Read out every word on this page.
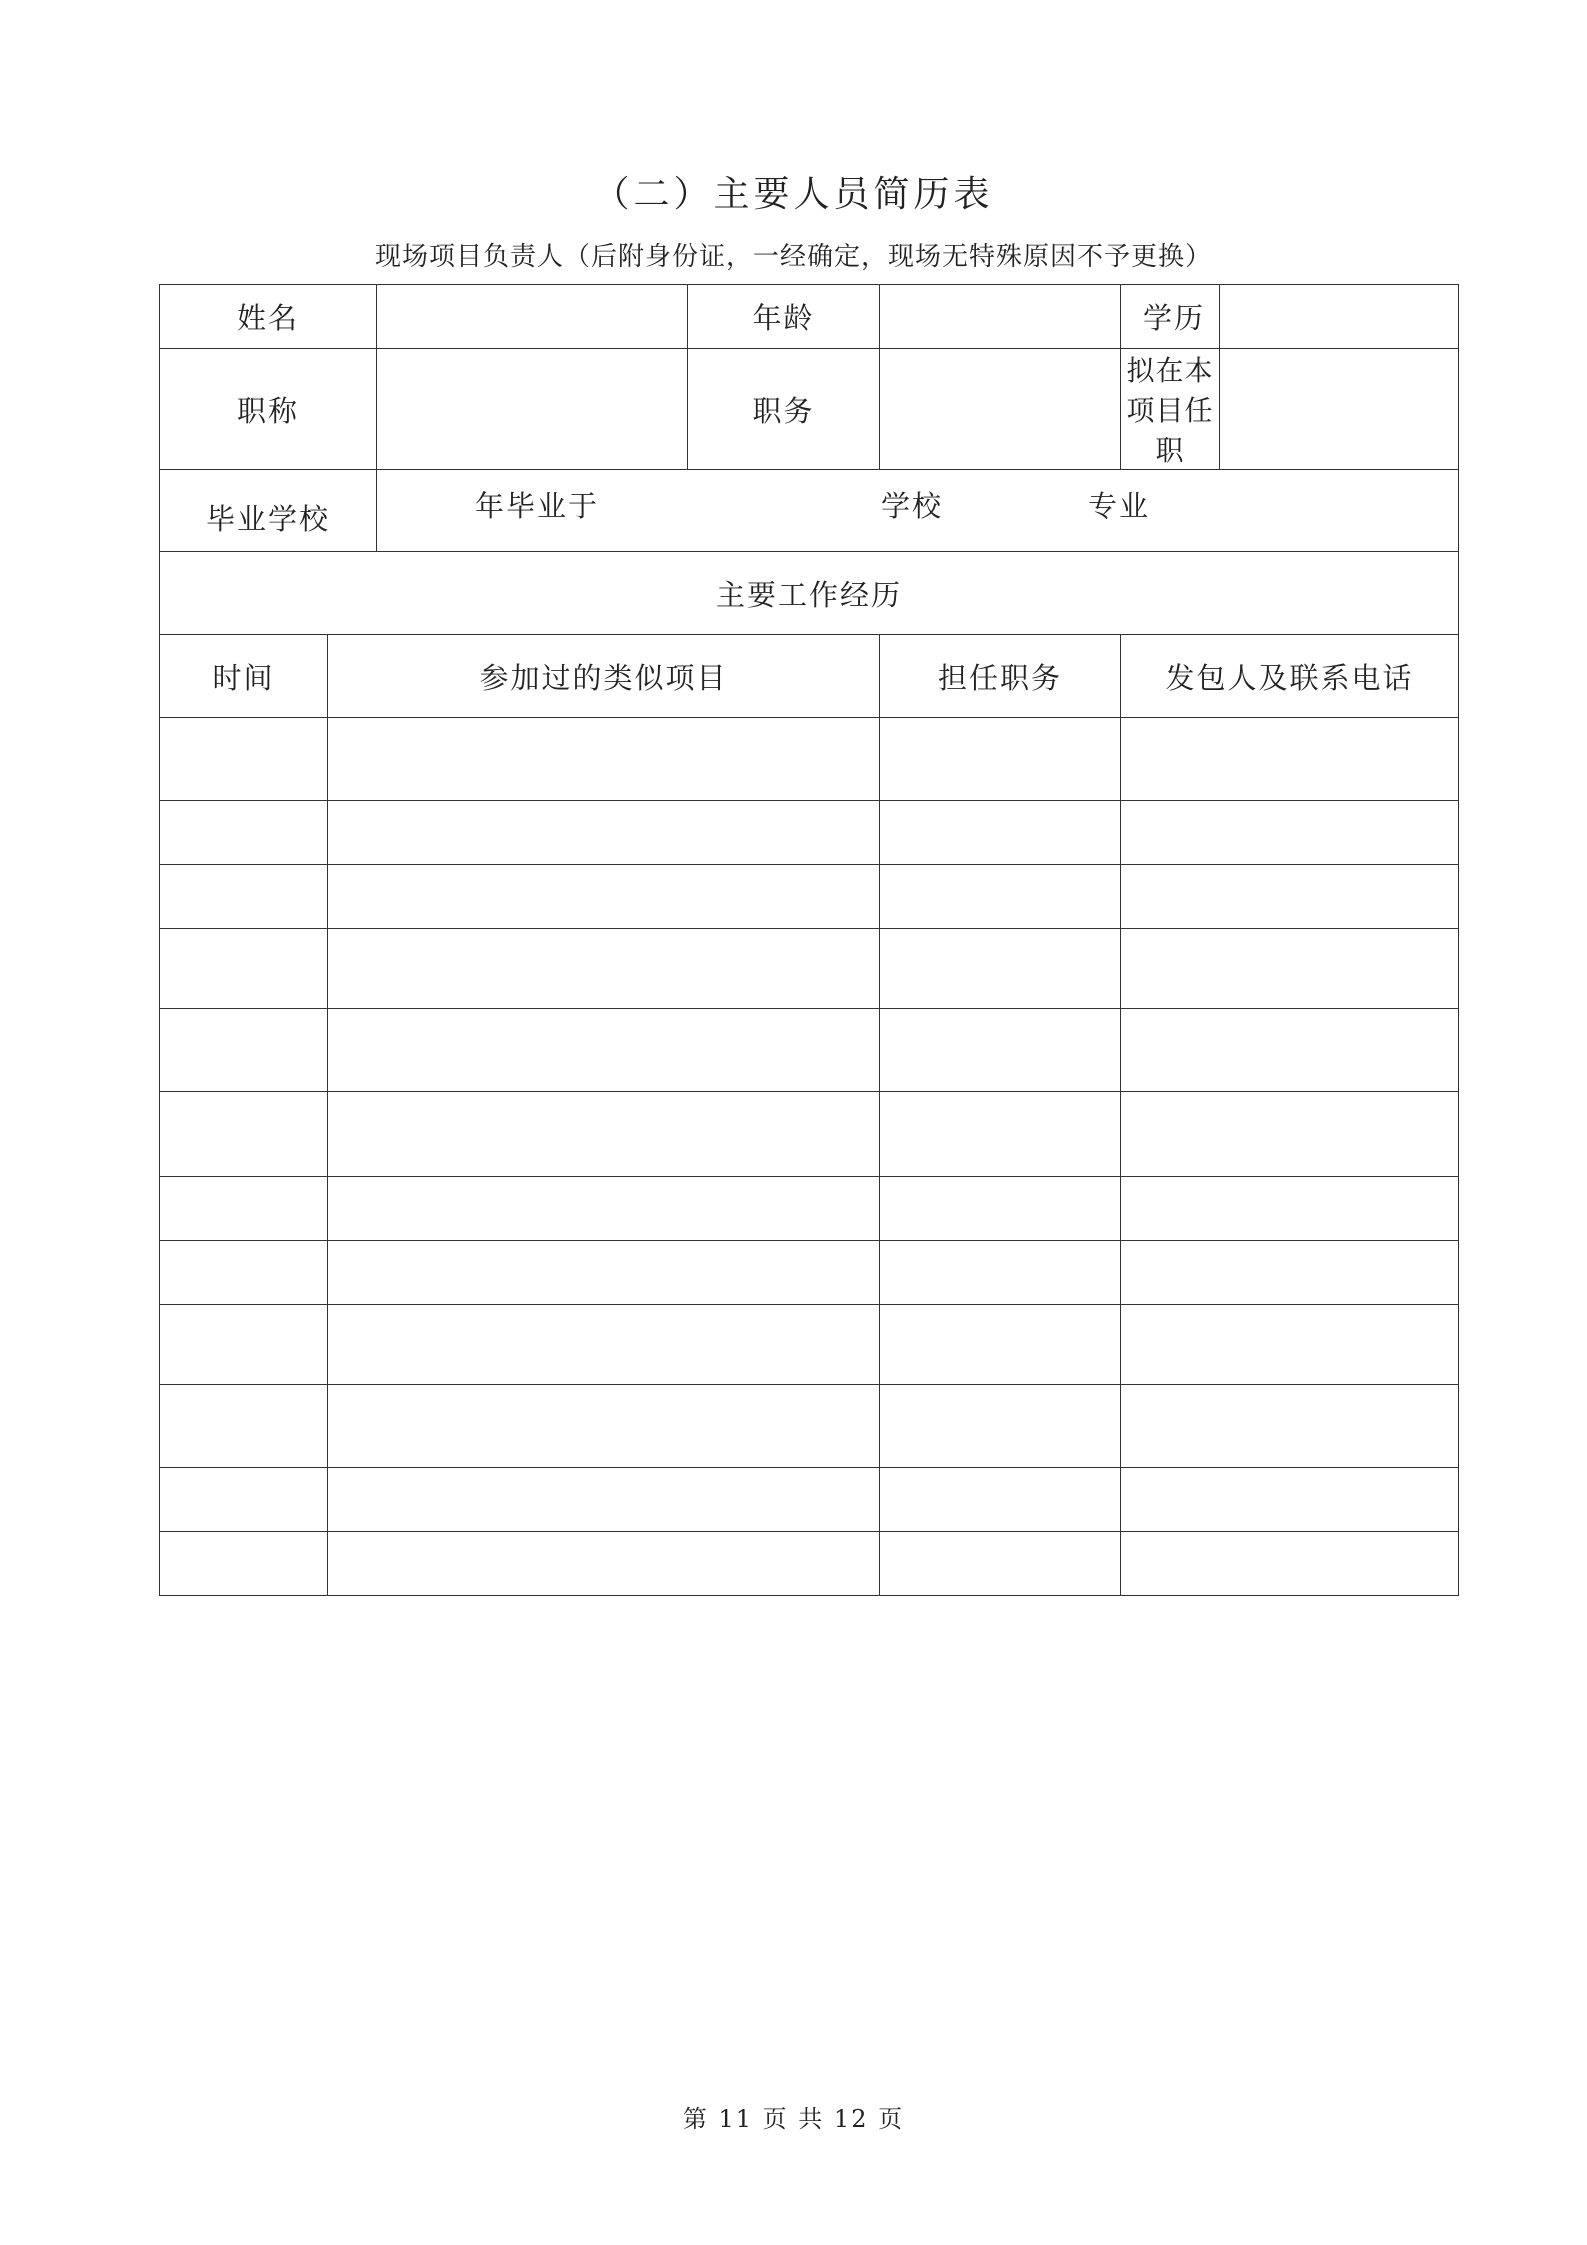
（二）主要人员简历表
现场项目负责人（后附身份证，一经确定，现场无特殊原因不予更换）
姓名			年龄		学 历	

职称			职务		拟在本项目任职	
毕业学校		年毕业于 学校 专业				

主要工作经历						
时间	参加过的类似项目			担任职务	发包人及联系电话	

第 11 页 共 12 页
